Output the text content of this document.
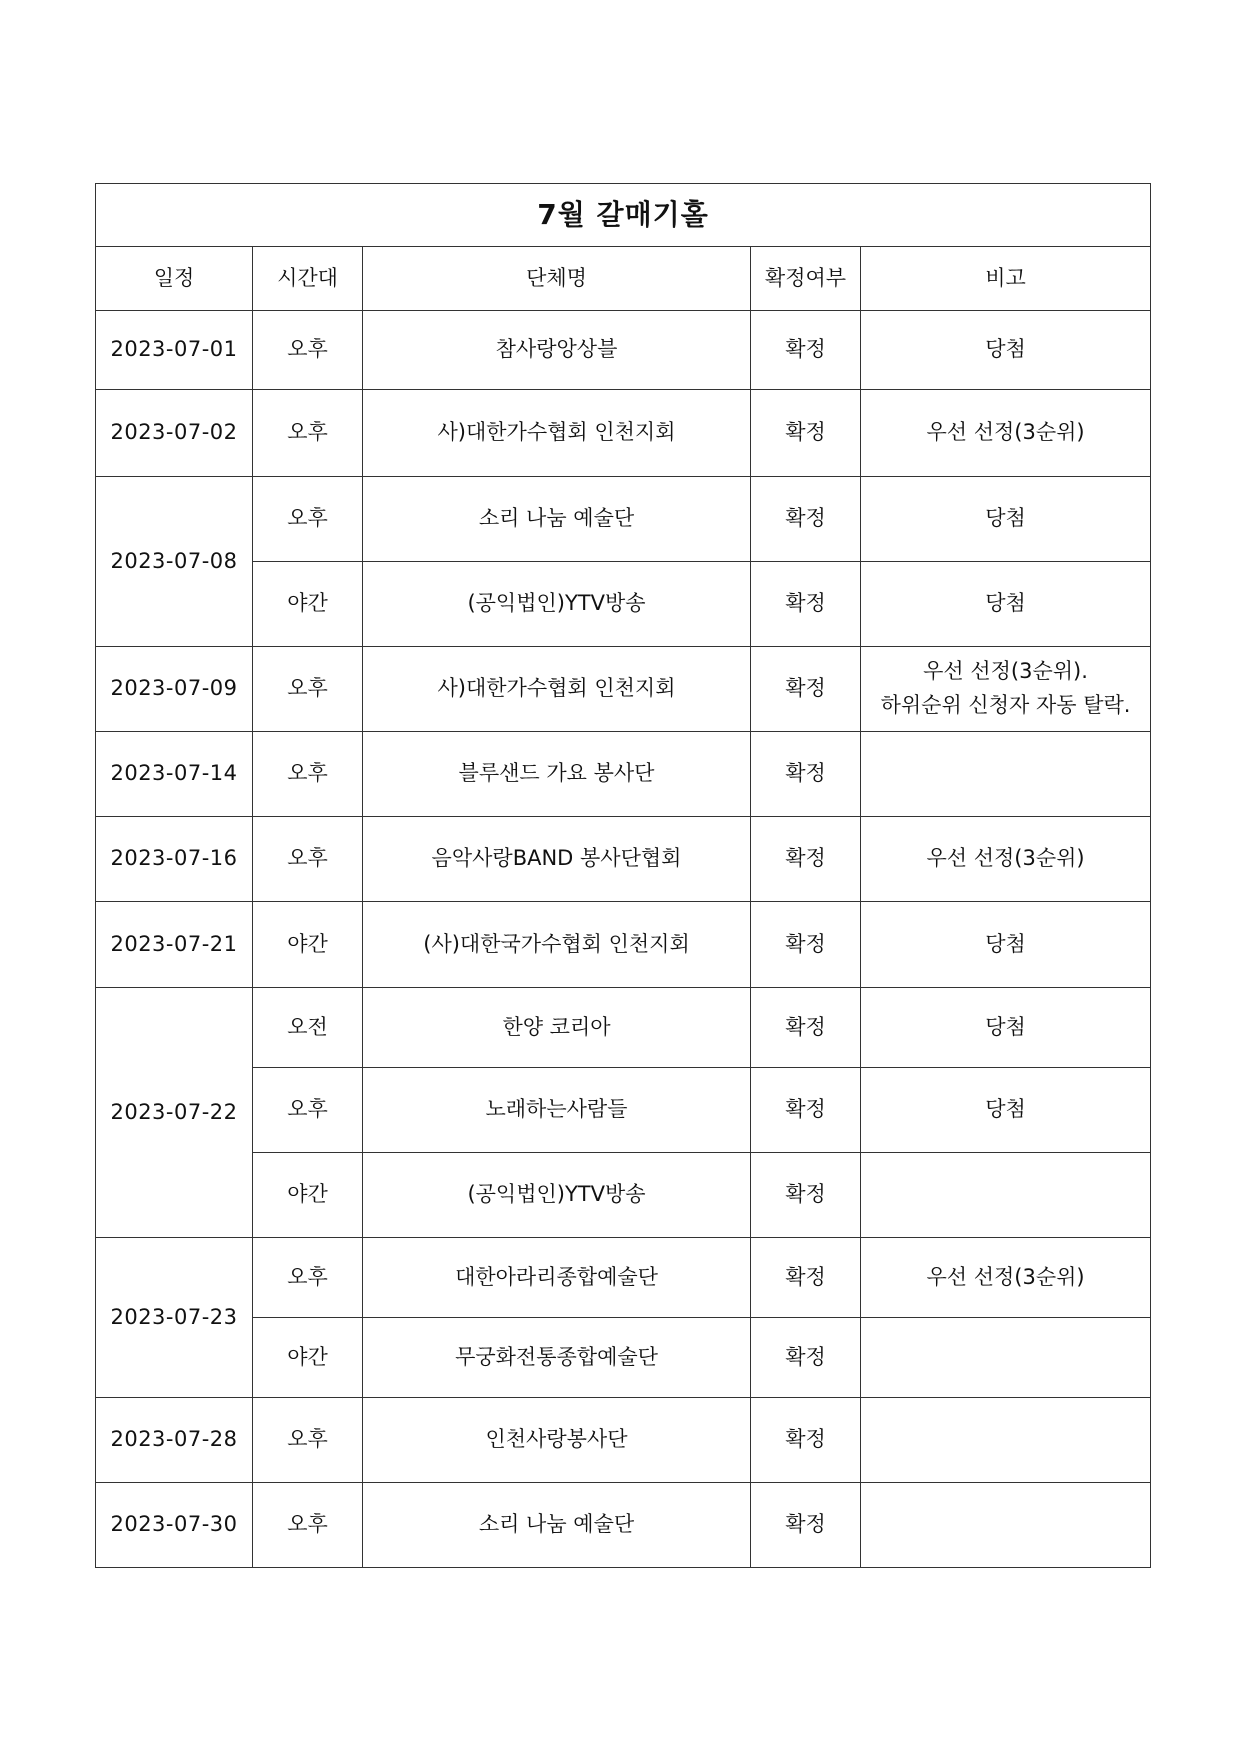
7월 갈매기홀				
일정	시간대	단체명	확정여부	비고
2023-07-01	오후	참사랑앙상블	확정	당첨

2023-07-02	오후	사)대한가수협회 인천지회	확정	우선 선정(3순위)

2023-07-08	오후	소리 나눔 예술단	확정	당첨

	야간	(공익법인)YTV방송	확정	당첨

2023-07-09	오후	사)대한가수협회 인천지회	확정	우선 선정(3순위).
하위순위 신청자 자동 탈락.

2023-07-14	오후	블루샌드 가요 봉사단	확정	
2023-07-16	오후	음악사랑BAND 봉사단협회	확정	우선 선정(3순위)

2023-07-21	야간	(사)대한국가수협회 인천지회	확정	당첨

2023-07-22	오전	한양 코리아	확정	당첨

	오후	노래하는사람들	확정	당첨

	야간	(공익법인)YTV방송	확정	
2023-07-23	오후	대한아라리종합예술단	확정	우선 선정(3순위)

	야간	무궁화전통종합예술단	확정	
2023-07-28	오후	인천사랑봉사단	확정	
2023-07-30	오후	소리 나눔 예술단	확정	
